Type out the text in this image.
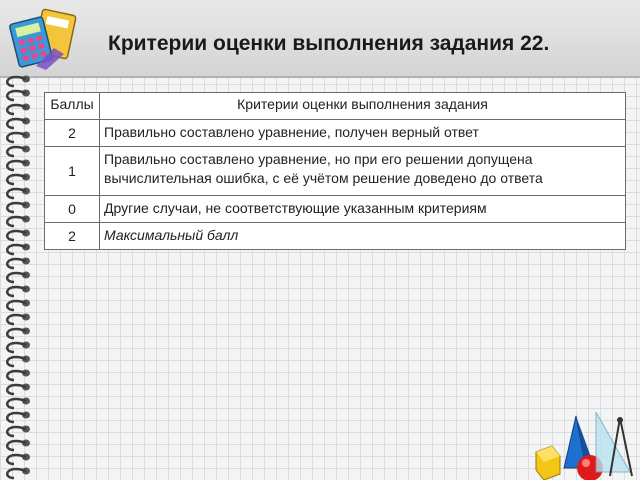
Критерии оценки выполнения задания 22.
Баллы	Критерии оценки выполнения задания
2	Правильно составлено уравнение, получен верный ответ
1	Правильно составлено уравнение, но при его решении допущена вычислительная ошибка, с её учётом решение доведено до ответа
0	Другие случаи, не соответствующие указанным критериям
2	Максимальный балл
